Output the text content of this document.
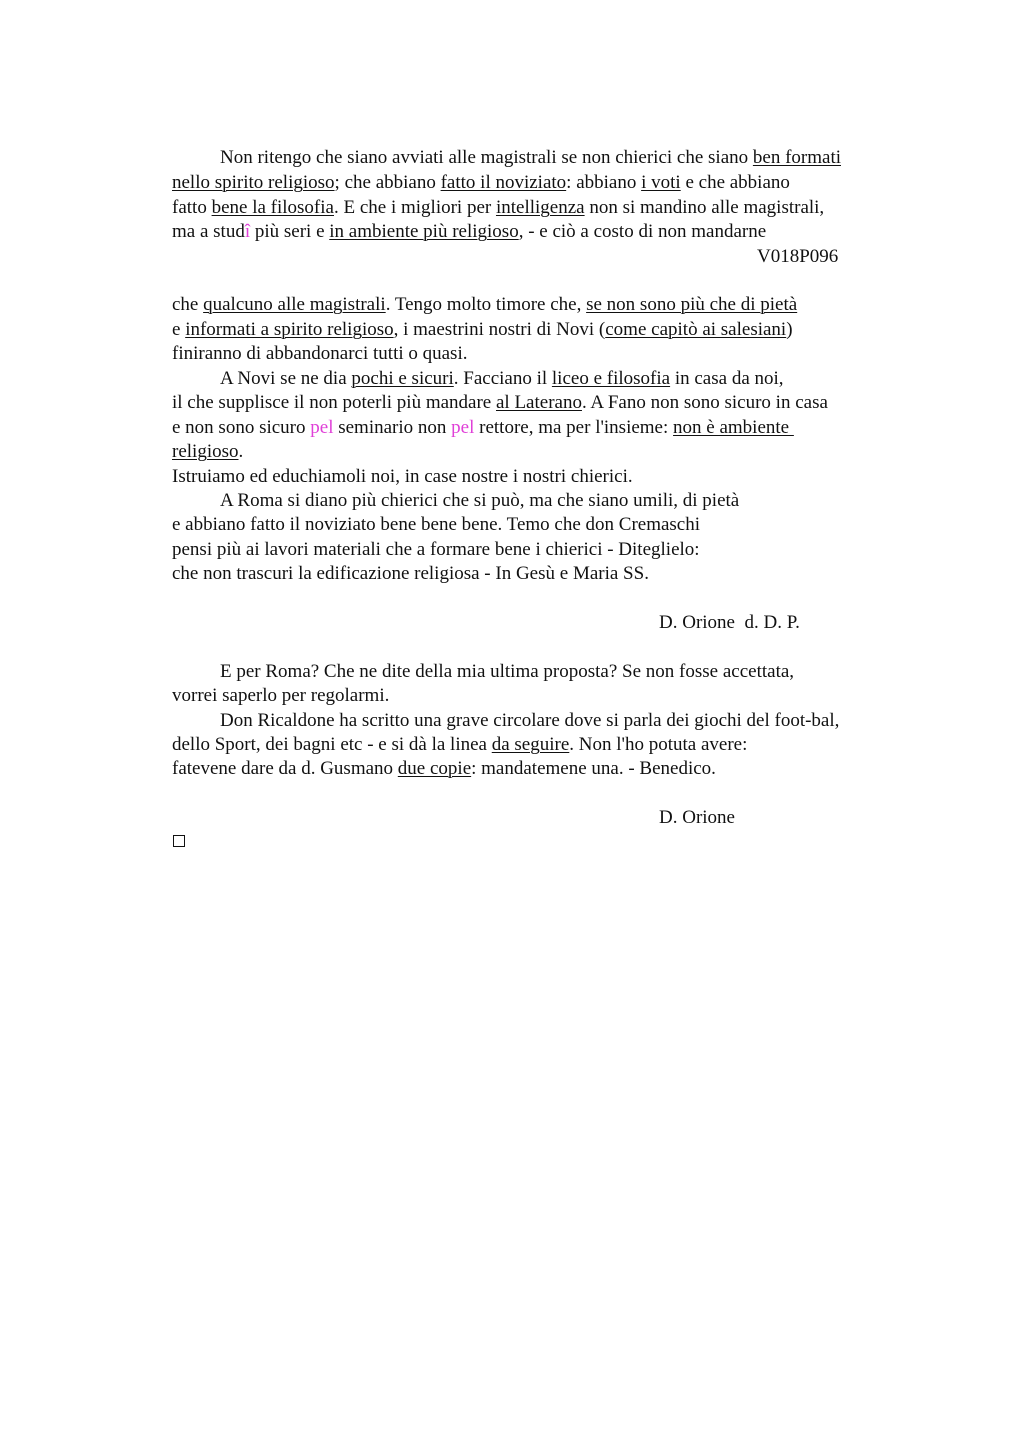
Non ritengo che siano avviati alle magistrali se non chierici che siano ben formati
nello spirito religioso; che abbiano fatto il noviziato: abbiano i voti e che abbiano
fatto bene la filosofia. E che i migliori per intelligenza non si mandino alle magistrali,
ma a studî più seri e in ambiente più religioso, - e ciò a costo di non mandarne
V018P096
che qualcuno alle magistrali. Tengo molto timore che, se non sono più che di pietà
e informati a spirito religioso, i maestrini nostri di Novi (come capitò ai salesiani)
finiranno di abbandonarci tutti o quasi.
A Novi se ne dia pochi e sicuri. Facciano il liceo e filosofia in casa da noi,
il che supplisce il non poterli più mandare al Laterano. A Fano non sono sicuro in casa
e non sono sicuro pel seminario non pel rettore, ma per l'insieme: non è ambiente
religioso.
Istruiamo ed educhiamoli noi, in case nostre i nostri chierici.
A Roma si diano più chierici che si può, ma che siano umili, di pietà
e abbiano fatto il noviziato bene bene bene. Temo che don Cremaschi
pensi più ai lavori materiali che a formare bene i chierici - Diteglielo:
che non trascuri la edificazione religiosa - In Gesù e Maria SS.
D. Orione  d. D. P.
E per Roma? Che ne dite della mia ultima proposta? Se non fosse accettata,
vorrei saperlo per regolarmi.
Don Ricaldone ha scritto una grave circolare dove si parla dei giochi del foot-bal,
dello Sport, dei bagni etc - e si dà la linea da seguire. Non l'ho potuta avere:
fatevene dare da d. Gusmano due copie: mandatemene una. - Benedico.
D. Orione
